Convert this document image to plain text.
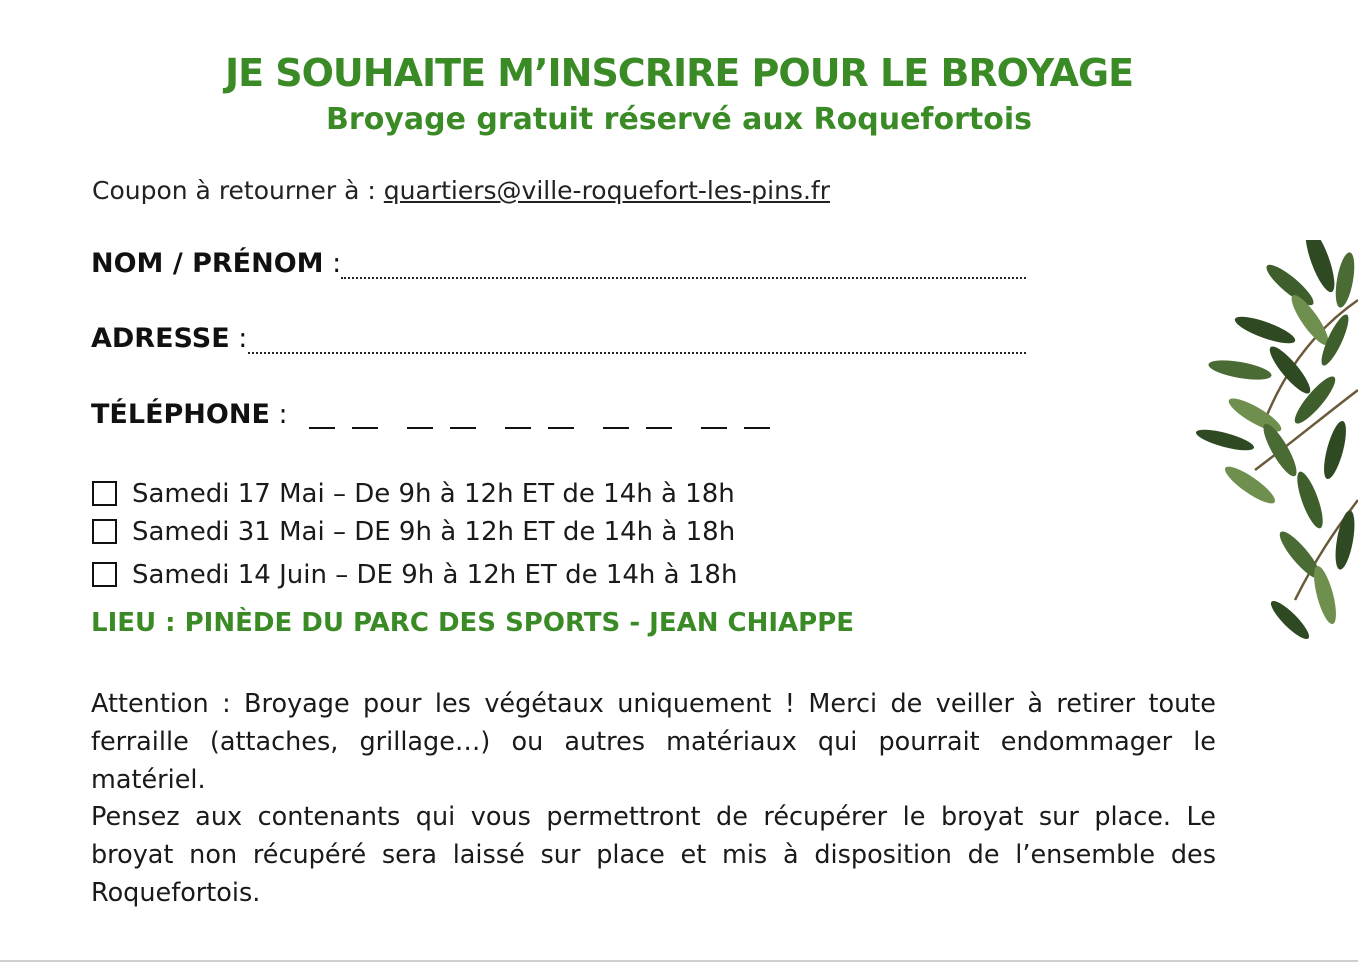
JE SOUHAITE M’INSCRIRE POUR LE BROYAGE
Broyage gratuit réservé aux Roquefortois
Coupon à retourner à : quartiers@ville-roquefort-les-pins.fr
NOM / PRÉNOM :
ADRESSE :
TÉLÉPHONE :
Samedi 17 Mai – De 9h à 12h ET de 14h à 18h
Samedi 31 Mai – DE 9h à 12h ET de 14h à 18h
Samedi 14 Juin – DE 9h à 12h ET de 14h à 18h
LIEU : PINÈDE DU PARC DES SPORTS - JEAN CHIAPPE
Attention : Broyage pour les végétaux uniquement ! Merci de veiller à retirer toute ferraille (attaches, grillage…) ou autres matériaux qui pourrait endommager le matériel.
Pensez aux contenants qui vous permettront de récupérer le broyat sur place. Le broyat non récupéré sera laissé sur place et mis à disposition de l’ensemble des Roquefortois.
